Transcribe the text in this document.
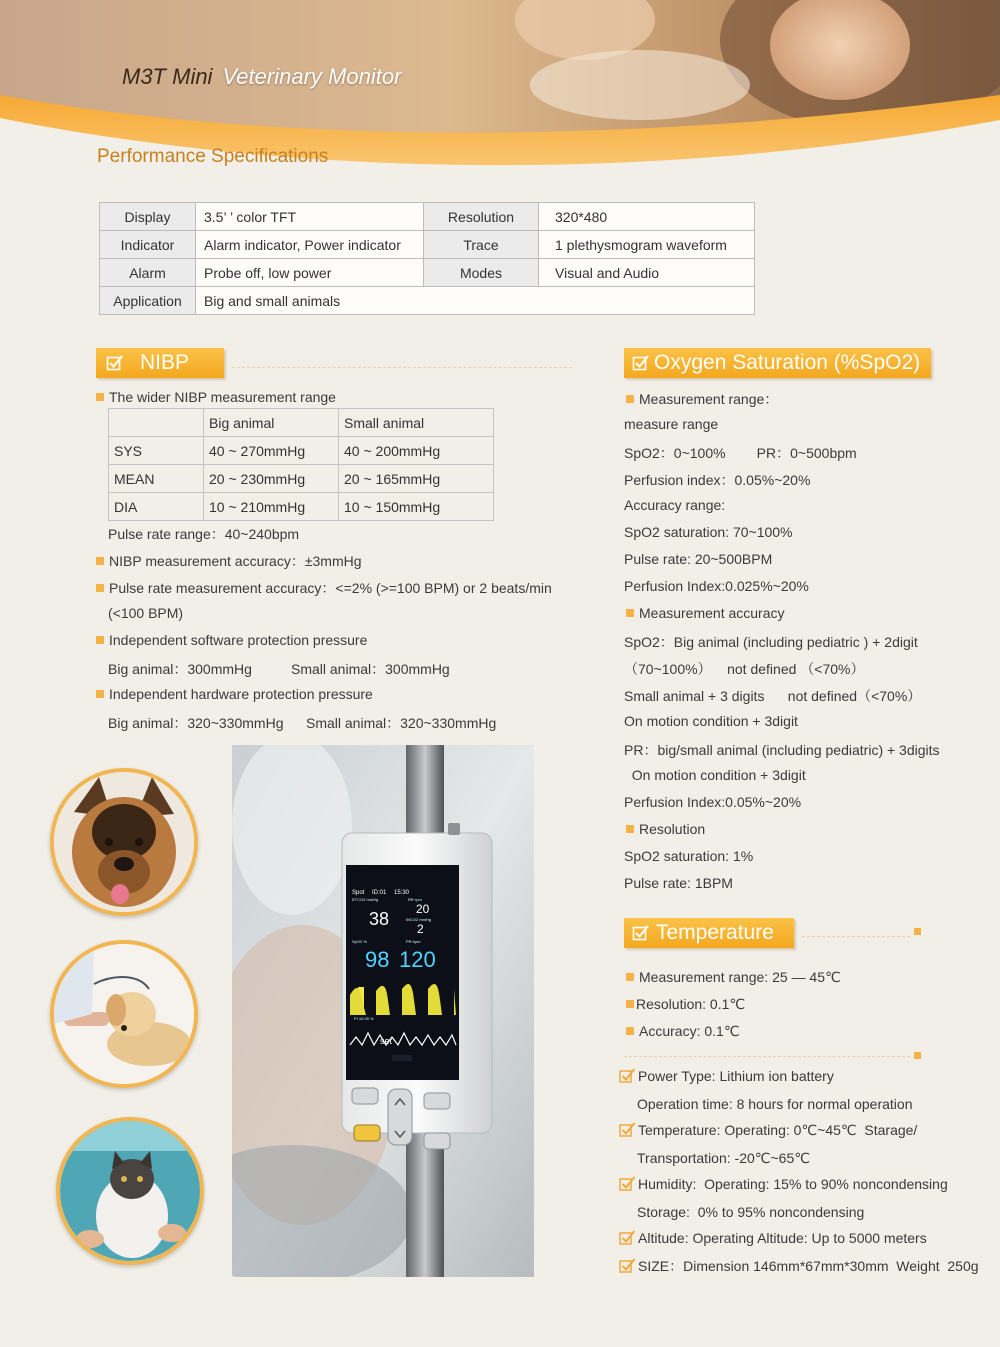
M3T Mini Veterinary Monitor
Performance Specifications
Display	3.5’ ’ color TFT	Resolution	320*480
Indicator	Alarm indicator, Power indicator	Trace	1 plethysmogram waveform
Alarm	Probe off, low power	Modes	Visual and Audio
Application	Big and small animals		
NIBP
The wider NIBP measurement range
	Big animal	Small animal
SYS	40 ~ 270mmHg	40 ~ 200mmHg
MEAN	20 ~ 230mmHg	20 ~ 165mmHg
DIA	10 ~ 210mmHg	10 ~ 150mmHg
Pulse rate range：40~240bpm
NIBP measurement accuracy：±3mmHg
Pulse rate measurement accuracy：<=2% (>=100 BPM) or 2 beats/min
(<100 BPM)
Independent software protection pressure
Big animal：300mmHg	Small animal：300mmHg
Independent hardware protection pressure
Big animal：320~330mmHg Small animal：320~330mmHg
Spot ID:01 15:30
ETCO2 mmHg
38
RR rpm
20
INCO2 mmHg
2
SpO2 %
98
PR bpm
120
PI 10.05 %
set
Oxygen Saturation (%SpO2)
Measurement range：
measure range
SpO2：0~100%        PR：0~500bpm
Perfusion index：0.05%~20%
Accuracy range:
SpO2 saturation: 70~100%
Pulse rate: 20~500BPM
Perfusion Index:0.025%~20%
Measurement accuracy
SpO2：Big animal (including pediatric ) + 2digit
（70~100%）    not defined （<70%）
Small animal + 3 digits      not defined（<70%）
On motion condition + 3digit
PR：big/small animal (including pediatric) + 3digits
On motion condition + 3digit
Perfusion Index:0.05%~20%
Resolution
SpO2 saturation: 1%
Pulse rate: 1BPM
Temperature
Measurement range: 25 — 45℃
Resolution: 0.1℃
Accuracy: 0.1℃
Power Type: Lithium ion battery
Operation time: 8 hours for normal operation
Temperature: Operating: 0℃~45℃  Starage/
Transportation: -20℃~65℃
Humidity:  Operating: 15% to 90% noncondensing
Storage:  0% to 95% noncondensing
Altitude: Operating Altitude: Up to 5000 meters
SIZE：Dimension 146mm*67mm*30mm  Weight  250g
